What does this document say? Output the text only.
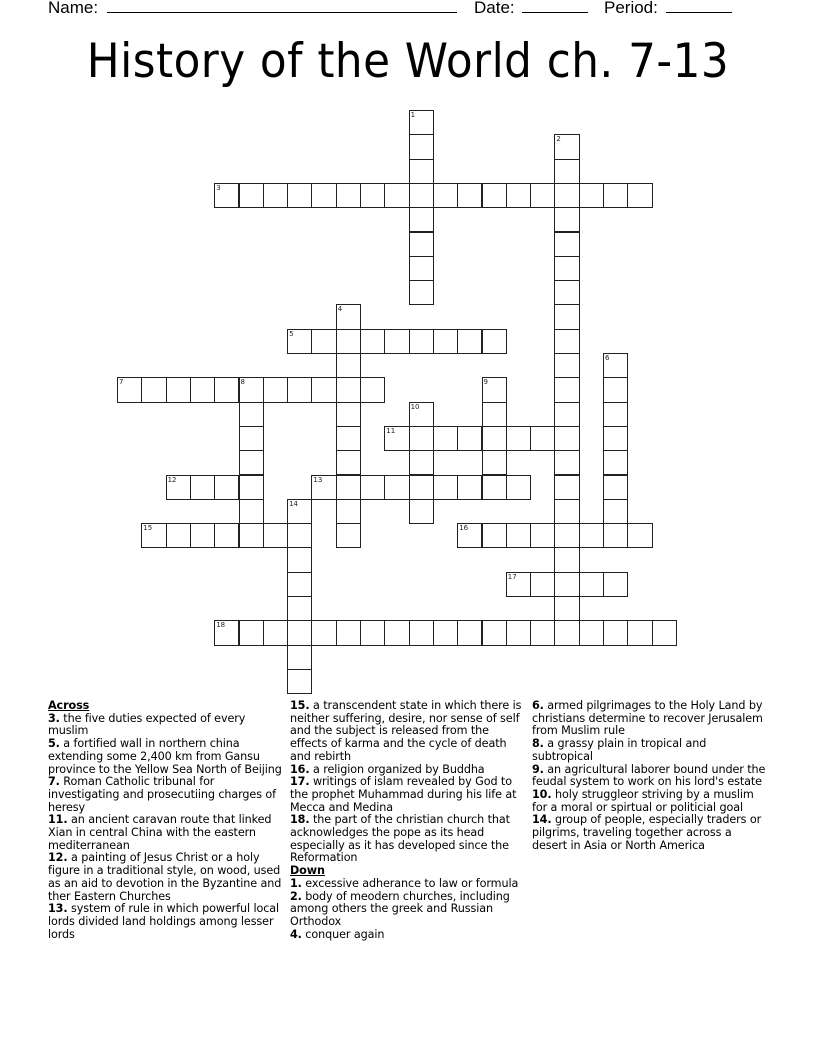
Name:	Date:	Period:
History of the World ch. 7-13
1
2
3
4
5
6
7	8	9
10
11
12	13
14
15	16
17
18
Across
3. the five duties expected of every muslim
5. a fortified wall in northern china extending some 2,400 km from Gansu province to the Yellow Sea North of Beijing
7. Roman Catholic tribunal for investigating and prosecutiing charges of heresy
11. an ancient caravan route that linked Xian in central China with the eastern mediterranean
12. a painting of Jesus Christ or a holy figure in a traditional style, on wood, used as an aid to devotion in the Byzantine and ther Eastern Churches
13. system of rule in which powerful local lords divided land holdings among lesser lords
15. a transcendent state in which there is neither suffering, desire, nor sense of self and the subject is released from the effects of karma and the cycle of death and rebirth
16. a religion organized by Buddha
17. writings of islam revealed by God to the prophet Muhammad during his life at Mecca and Medina
18. the part of the christian church that acknowledges the pope as its head especially as it has developed since the Reformation
Down
1. excessive adherance to law or formula
2. body of meodern churches, including among others the greek and Russian Orthodox
4. conquer again
6. armed pilgrimages to the Holy Land by christians determine to recover Jerusalem from Muslim rule
8. a grassy plain in tropical and subtropical
9. an agricultural laborer bound under the feudal system to work on his lord's estate
10. holy struggleor striving by a muslim for a moral or spirtual or politicial goal
14. group of people, especially traders or pilgrims, traveling together across a desert in Asia or North America
